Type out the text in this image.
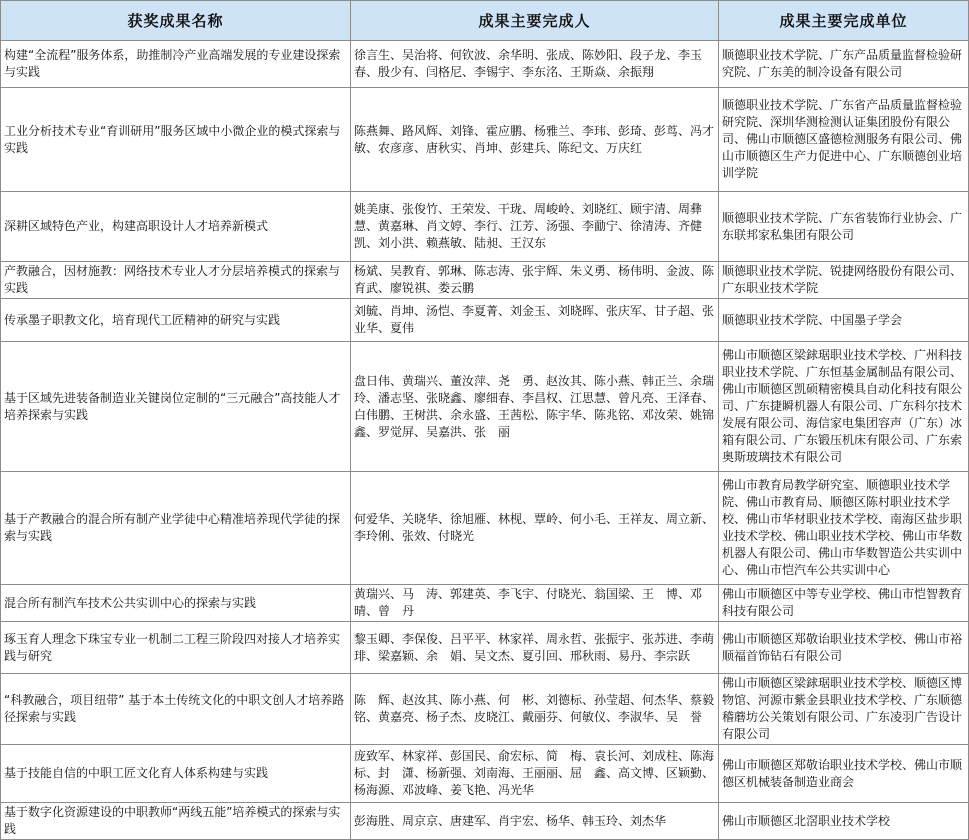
获奖成果名称	成果主要完成人	成果主要完成单位
构建“全流程”服务体系，助推制冷产业高端发展的专业建设探索与实践	徐言生、吴治将、何钦波、余华明、张成、陈妙阳、段子龙、李玉春、殷少有、闫格尼、李锡宇、李东洺、王斯焱、余振翔	顺德职业技术学院、广东产品质量监督检验研究院、广东美的制冷设备有限公司
工业分析技术专业“育训研用”服务区域中小微企业的模式探索与实践	陈燕舞、路风辉、刘锋、霍应鹏、杨雅兰、李玮、彭琦、彭茑、冯才敏、农彦彦、唐秋实、肖坤、彭建兵、陈纪文、万庆红	顺德职业技术学院、广东省产品质量监督检验研究院、深圳华测检测认证集团股份有限公司、佛山市顺德区盛德检测服务有限公司、佛山市顺德区生产力促进中心、广东顺德创业培训学院
深耕区域特色产业，构建高职设计人才培养新模式	姚美康、张俊竹、王荣发、干珑、周峻岭、刘晓红、顾宇清、周彝慧、黄嘉琳、肖文婷、李行、江芳、汤强、李勔宁、徐清涛、齐健凯、刘小洪、赖燕敏、陆昶、王汉东	顺德职业技术学院、广东省装饰行业协会、广东联邦家私集团有限公司
产教融合，因材施教：网络技术专业人才分层培养模式的探索与实践	杨斌、吴教育、郭琳、陈志涛、张宇辉、朱义勇、杨伟明、金波、陈育武、廖锐祺、娄云鹏	顺德职业技术学院、锐捷网络股份有限公司、广东职业技术学院
传承墨子职教文化，培育现代工匠精神的研究与实践	刘毓、肖坤、汤恺、李夏菁、刘金玉、刘晓晖、张庆军、甘子超、张业华、夏伟	顺德职业技术学院、中国墨子学会
基于区域先进装备制造业关键岗位定制的“三元融合”高技能人才培养探索与实践	盘日伟、黄瑞兴、董汝萍、尧　勇、赵汝其、陈小燕、韩正兰、余瑞玲、潘志坚、张晓鑫、廖细春、李昌权、江思慧、曾凡亮、王泽春、白伟鹏、王树洪、余永盛、王茜松、陈宇华、陈兆铭、邓汝荣、姚锦鑫、罗觉屏、吴嘉洪、张　丽	佛山市顺德区梁銶琚职业技术学校、广州科技职业技术学院、广东恒基金属制品有限公司、佛山市顺德区凯硕精密模具自动化科技有限公司、广东捷瞬机器人有限公司、广东科尔技术发展有限公司、海信家电集团容声（广东）冰箱有限公司、广东锻压机床有限公司、广东索奥斯玻璃技术有限公司
基于产教融合的混合所有制产业学徒中心精准培养现代学徒的探索与实践	何爱华、关晓华、徐旭雁、林枧、覃岭、何小毛、王祥友、周立新、李玲俐、张效、付晓光	佛山市教育局教学研究室、顺德职业技术学院、佛山市教育局、顺德区陈村职业技术学校、佛山市华材职业技术学校、南海区盐步职业技术学校、佛山职业技术学校、佛山市华数机器人有限公司、佛山市华数智造公共实训中心、佛山市恺汽车公共实训中心
混合所有制汽车技术公共实训中心的探索与实践	黄瑞兴、马　涛、郭建英、李飞宇、付晓光、翁国梁、王　博、邓　晴、曾　丹	佛山市顺德区中等专业学校、佛山市恺智教育科技有限公司
琢玉育人理念下珠宝专业一机制二工程三阶段四对接人才培养实践与研究	黎玉卿、李保俊、吕平平、林家祥、周永哲、张振宇、张苏进、李萌琲、梁嘉颖、余　娟、吴文杰、夏引回、邢秋雨、易丹、李宗跃	佛山市顺德区郑敬诒职业技术学校、佛山市裕顺福首饰钻石有限公司
“科教融合，项目纽带” 基于本土传统文化的中职文创人才培养路径探索与实践	陈　辉、赵汝其、陈小燕、何　彬、刘德标、孙莹超、何杰华、蔡毅铭、黄嘉亮、杨子杰、皮晓江、戴丽芬、何敏仪、李淑华、吴　誉	佛山市顺德区梁銶琚职业技术学校、顺德区博物馆、河源市紫金县职业技术学校、广东顺德稽蘑坊公关策划有限公司、广东凌羽广告设计有限公司
基于技能自信的中职工匠文化育人体系构建与实践	庞致军、林家祥、彭国民、俞宏标、简　梅、袁长河、刘成柱、陈海标、封　潇、杨新强、刘南海、王丽丽、屈　鑫、高文博、区颖勤、杨海源、邓波峰、姜飞艳、冯光华	佛山市顺德区郑敬诒职业技术学校、佛山市顺德区机械装备制造业商会
基于数字化资源建设的中职教师“两线五能”培养模式的探索与实践	彭海胜、周京京、唐建军、肖宇宏、杨华、韩玉玲、刘杰华	佛山市顺德区北滘职业技术学校
